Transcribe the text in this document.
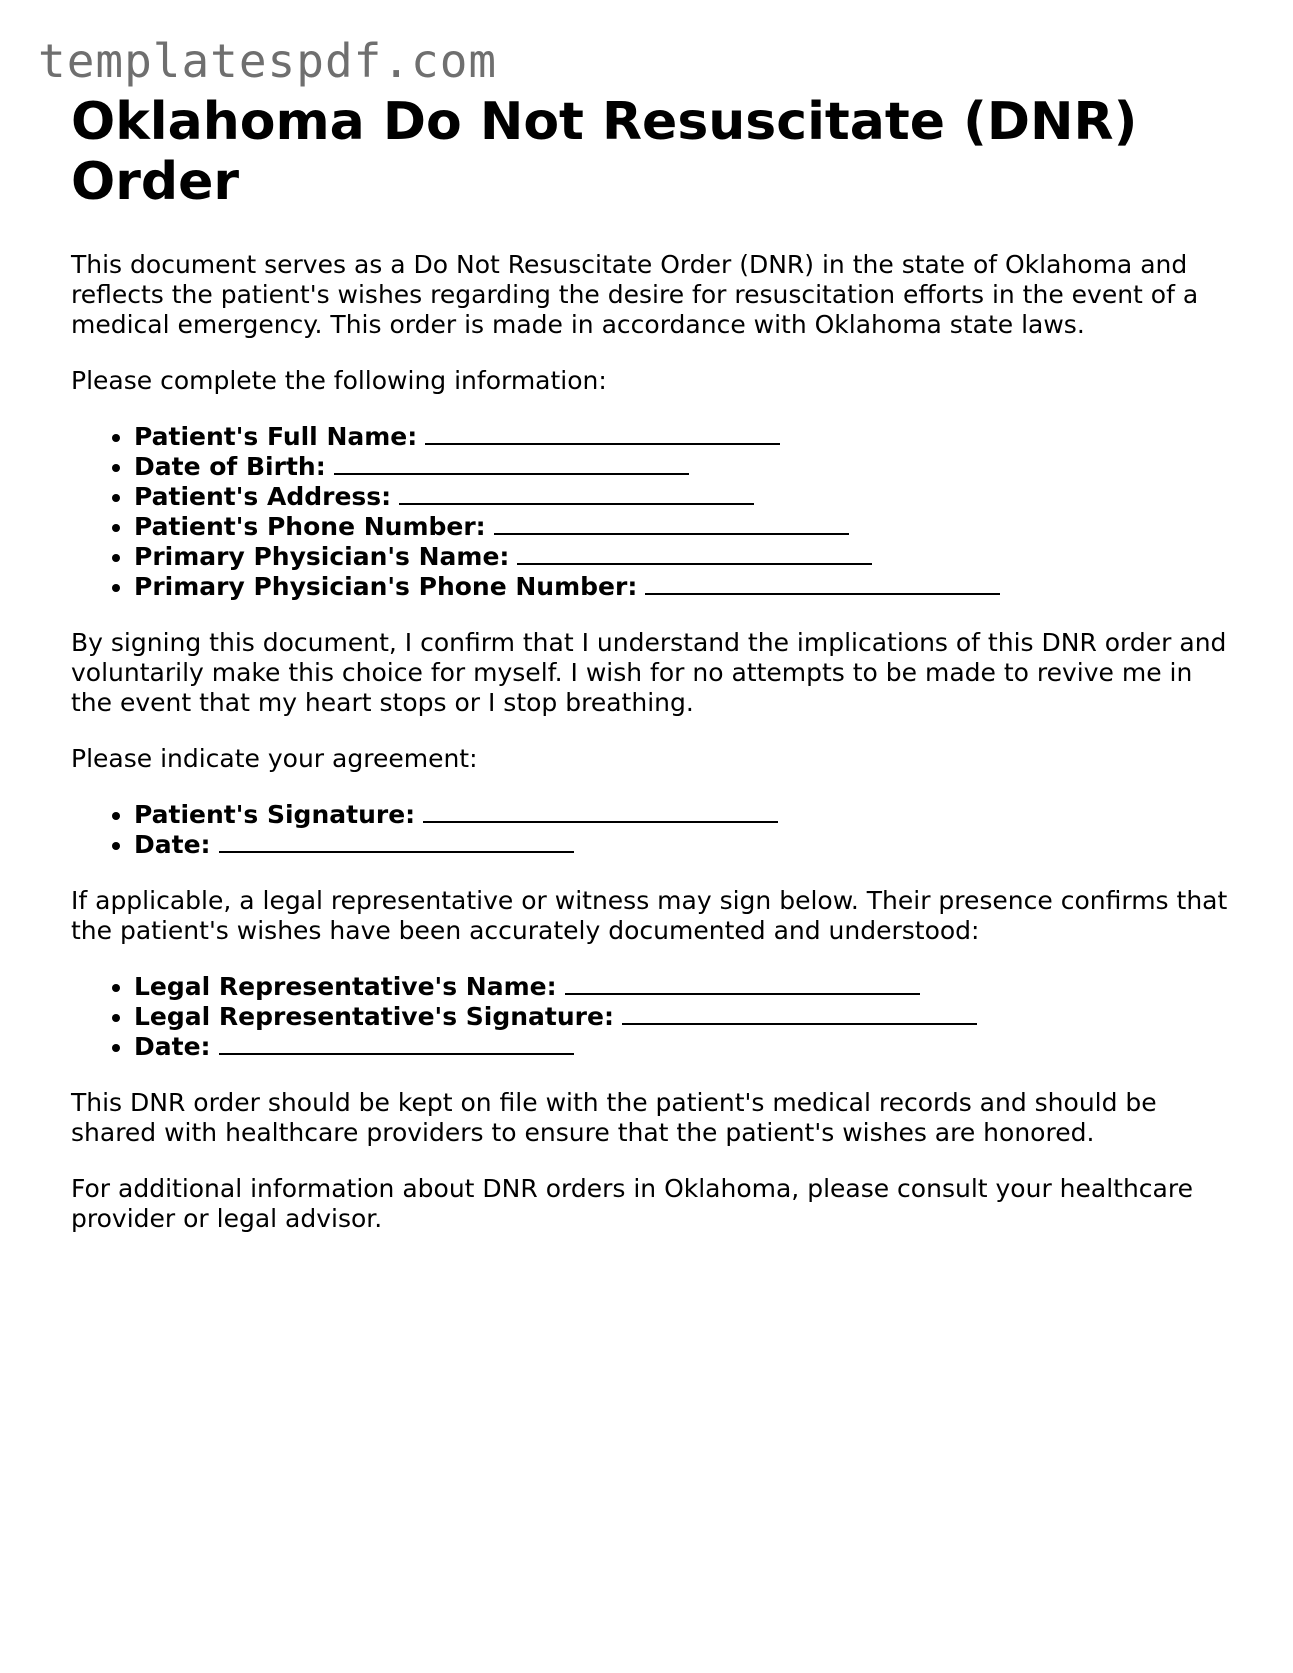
templatespdf.com
Oklahoma Do Not Resuscitate (DNR) Order

This document serves as a Do Not Resuscitate Order (DNR) in the state of Oklahoma and reflects the patient's wishes regarding the desire for resuscitation efforts in the event of a medical emergency. This order is made in accordance with Oklahoma state laws.

Please complete the following information:

• Patient's Full Name:
• Date of Birth:
• Patient's Address:
• Patient's Phone Number:
• Primary Physician's Name:
• Primary Physician's Phone Number:

By signing this document, I confirm that I understand the implications of this DNR order and voluntarily make this choice for myself. I wish for no attempts to be made to revive me in the event that my heart stops or I stop breathing.

Please indicate your agreement:

• Patient's Signature:
• Date:

If applicable, a legal representative or witness may sign below. Their presence confirms that the patient's wishes have been accurately documented and understood:

• Legal Representative's Name:
• Legal Representative's Signature:
• Date:

This DNR order should be kept on file with the patient's medical records and should be shared with healthcare providers to ensure that the patient's wishes are honored.

For additional information about DNR orders in Oklahoma, please consult your healthcare provider or legal advisor.
